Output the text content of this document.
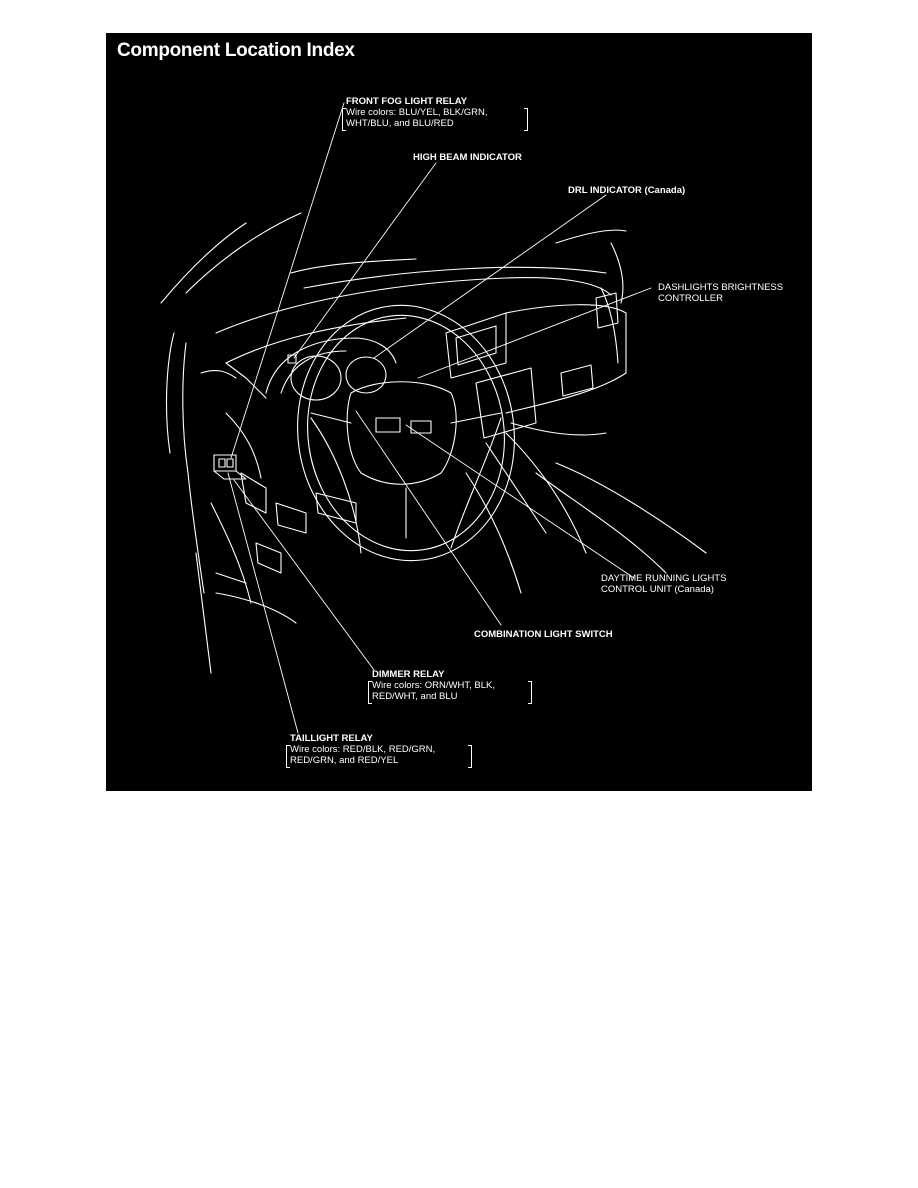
Component Location Index
FRONT FOG LIGHT RELAY
Wire colors: BLU/YEL, BLK/GRN,
WHT/BLU, and BLU/RED
HIGH BEAM INDICATOR
DRL INDICATOR (Canada)
DASHLIGHTS BRIGHTNESS
CONTROLLER
DAYTIME RUNNING LIGHTS
CONTROL UNIT (Canada)
COMBINATION LIGHT SWITCH
DIMMER RELAY
Wire colors: ORN/WHT, BLK,
RED/WHT, and BLU
TAILLIGHT RELAY
Wire colors: RED/BLK, RED/GRN,
RED/GRN, and RED/YEL
